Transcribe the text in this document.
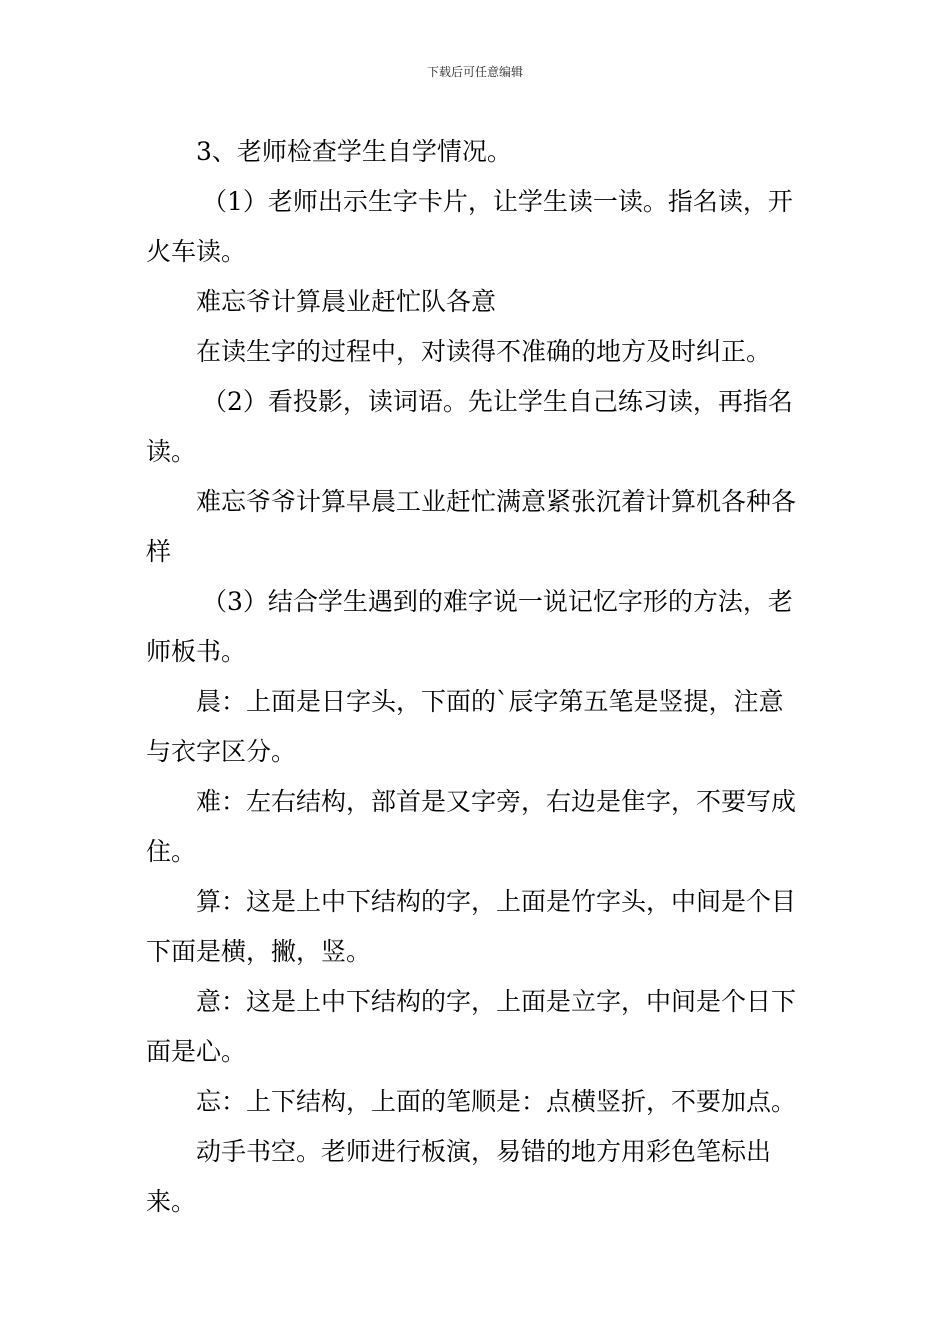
下载后可任意编辑

3、老师检查学生自学情况。

（1）老师出示生字卡片，让学生读一读。指名读，开火车读。

难忘爷计算晨业赶忙队各意

在读生字的过程中，对读得不准确的地方及时纠正。

（2）看投影，读词语。先让学生自己练习读，再指名读。

难忘爷爷计算早晨工业赶忙满意紧张沉着计算机各种各样

（3）结合学生遇到的难字说一说记忆字形的方法，老师板书。

晨：上面是日字头，下面的`辰字第五笔是竖提，注意与衣字区分。

难：左右结构，部首是又字旁，右边是隹字，不要写成住。

算：这是上中下结构的字，上面是竹字头，中间是个目下面是横，撇，竖。

意：这是上中下结构的字，上面是立字，中间是个日下面是心。

忘：上下结构，上面的笔顺是：点横竖折，不要加点。

动手书空。老师进行板演，易错的地方用彩色笔标出来。
